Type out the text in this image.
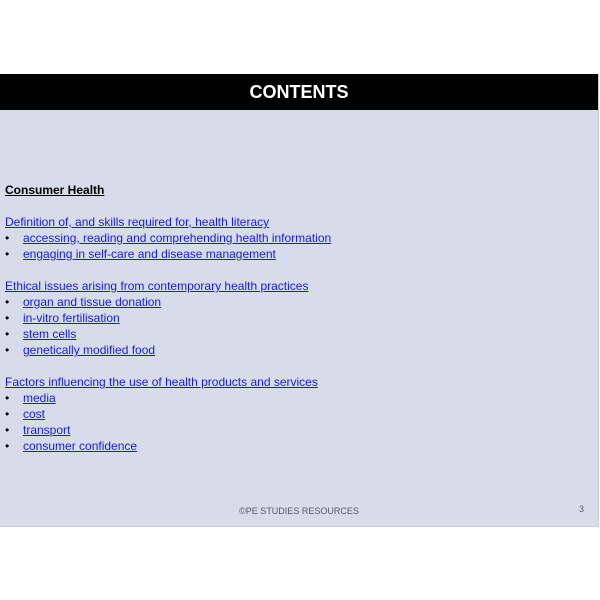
CONTENTS
Consumer Health
Definition of, and skills required for, health literacy
• accessing, reading and comprehending health information
• engaging in self-care and disease management
Ethical issues arising from contemporary health practices
• organ and tissue donation
• in-vitro fertilisation
• stem cells
• genetically modified food
Factors influencing the use of health products and services
• media
• cost
• transport
• consumer confidence
©PE STUDIES RESOURCES	3
